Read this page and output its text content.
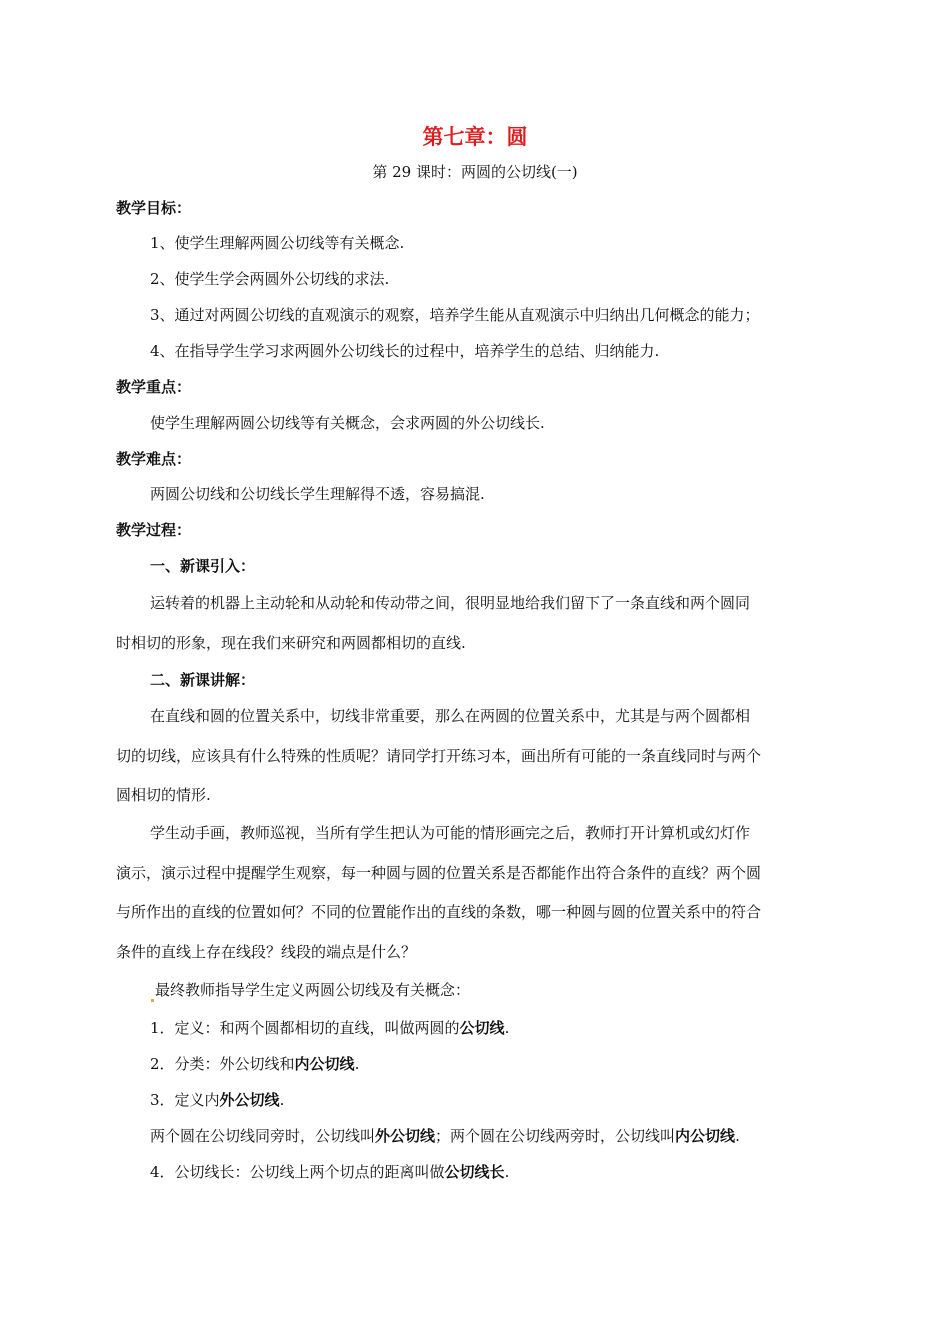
第七章：圆
第 29 课时：两圆的公切线(一)
教学目标：
1、使学生理解两圆公切线等有关概念.
2、使学生学会两圆外公切线的求法.
3、通过对两圆公切线的直观演示的观察，培养学生能从直观演示中归纳出几何概念的能力；
4、在指导学生学习求两圆外公切线长的过程中，培养学生的总结、归纳能力.
教学重点：
使学生理解两圆公切线等有关概念，会求两圆的外公切线长.
教学难点：
两圆公切线和公切线长学生理解得不透，容易搞混.
教学过程：
一、新课引入：
运转着的机器上主动轮和从动轮和传动带之间，很明显地给我们留下了一条直线和两个圆同
时相切的形象，现在我们来研究和两圆都相切的直线.
二、新课讲解：
在直线和圆的位置关系中，切线非常重要，那么在两圆的位置关系中，尤其是与两个圆都相
切的切线，应该具有什么特殊的性质呢？请同学打开练习本，画出所有可能的一条直线同时与两个
圆相切的情形.
学生动手画，教师巡视，当所有学生把认为可能的情形画完之后，教师打开计算机或幻灯作
演示，演示过程中提醒学生观察，每一种圆与圆的位置关系是否都能作出符合条件的直线？两个圆
与所作出的直线的位置如何？不同的位置能作出的直线的条数，哪一种圆与圆的位置关系中的符合
条件的直线上存在线段？线段的端点是什么？
最终教师指导学生定义两圆公切线及有关概念：
1．定义：和两个圆都相切的直线，叫做两圆的公切线.
2．分类：外公切线和内公切线.
3．定义内外公切线.
两个圆在公切线同旁时，公切线叫外公切线；两个圆在公切线两旁时，公切线叫内公切线.
4．公切线长：公切线上两个切点的距离叫做公切线长.
